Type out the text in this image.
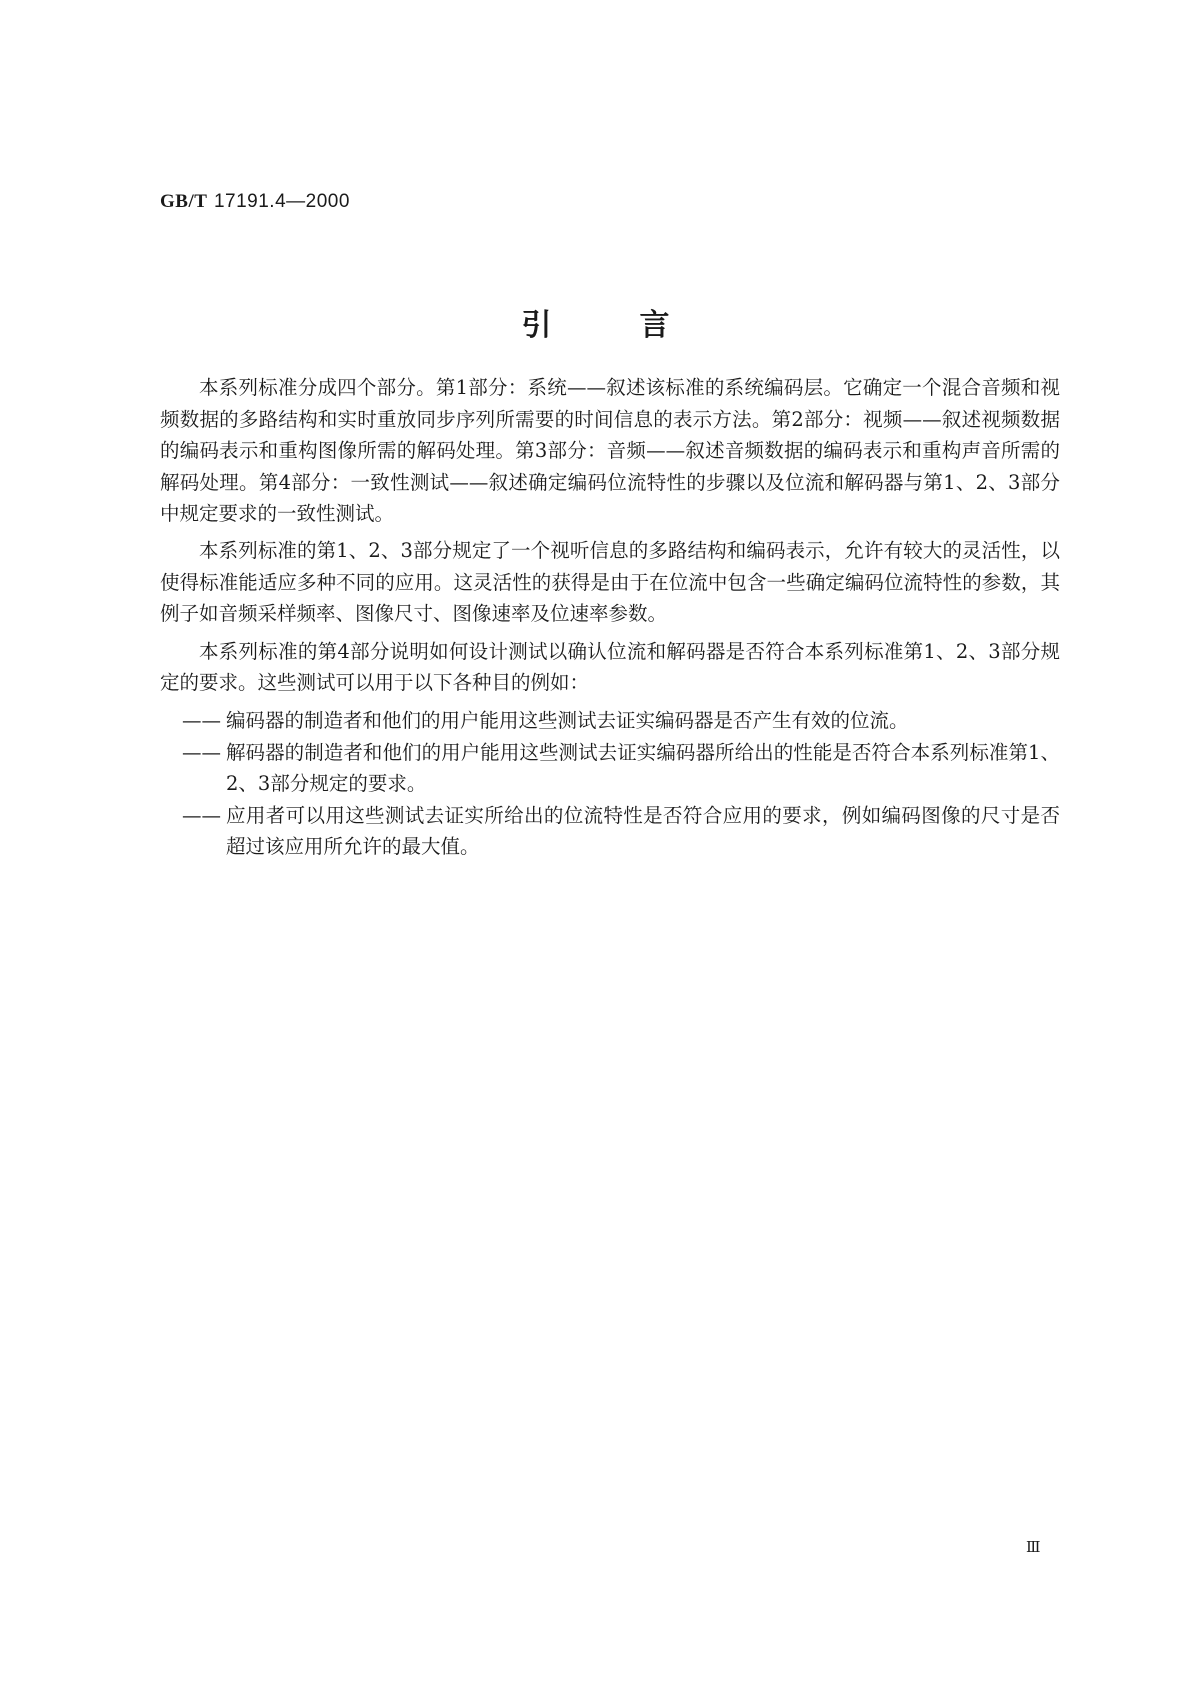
GB/T 17191.4—2000
引言

本系列标准分成四个部分。第1部分：系统——叙述该标准的系统编码层。它确定一个混合音频和视频数据的多路结构和实时重放同步序列所需要的时间信息的表示方法。第2部分：视频——叙述视频数据的编码表示和重构图像所需的解码处理。第3部分：音频——叙述音频数据的编码表示和重构声音所需的解码处理。第4部分：一致性测试——叙述确定编码位流特性的步骤以及位流和解码器与第1、2、3部分中规定要求的一致性测试。

本系列标准的第1、2、3部分规定了一个视听信息的多路结构和编码表示，允许有较大的灵活性，以使得标准能适应多种不同的应用。这灵活性的获得是由于在位流中包含一些确定编码位流特性的参数，其例子如音频采样频率、图像尺寸、图像速率及位速率参数。

本系列标准的第4部分说明如何设计测试以确认位流和解码器是否符合本系列标准第1、2、3部分规定的要求。这些测试可以用于以下各种目的例如：

—— 编码器的制造者和他们的用户能用这些测试去证实编码器是否产生有效的位流。
—— 解码器的制造者和他们的用户能用这些测试去证实编码器所给出的性能是否符合本系列标准第1、2、3部分规定的要求。
—— 应用者可以用这些测试去证实所给出的位流特性是否符合应用的要求，例如编码图像的尺寸是否超过该应用所允许的最大值。
Ⅲ
